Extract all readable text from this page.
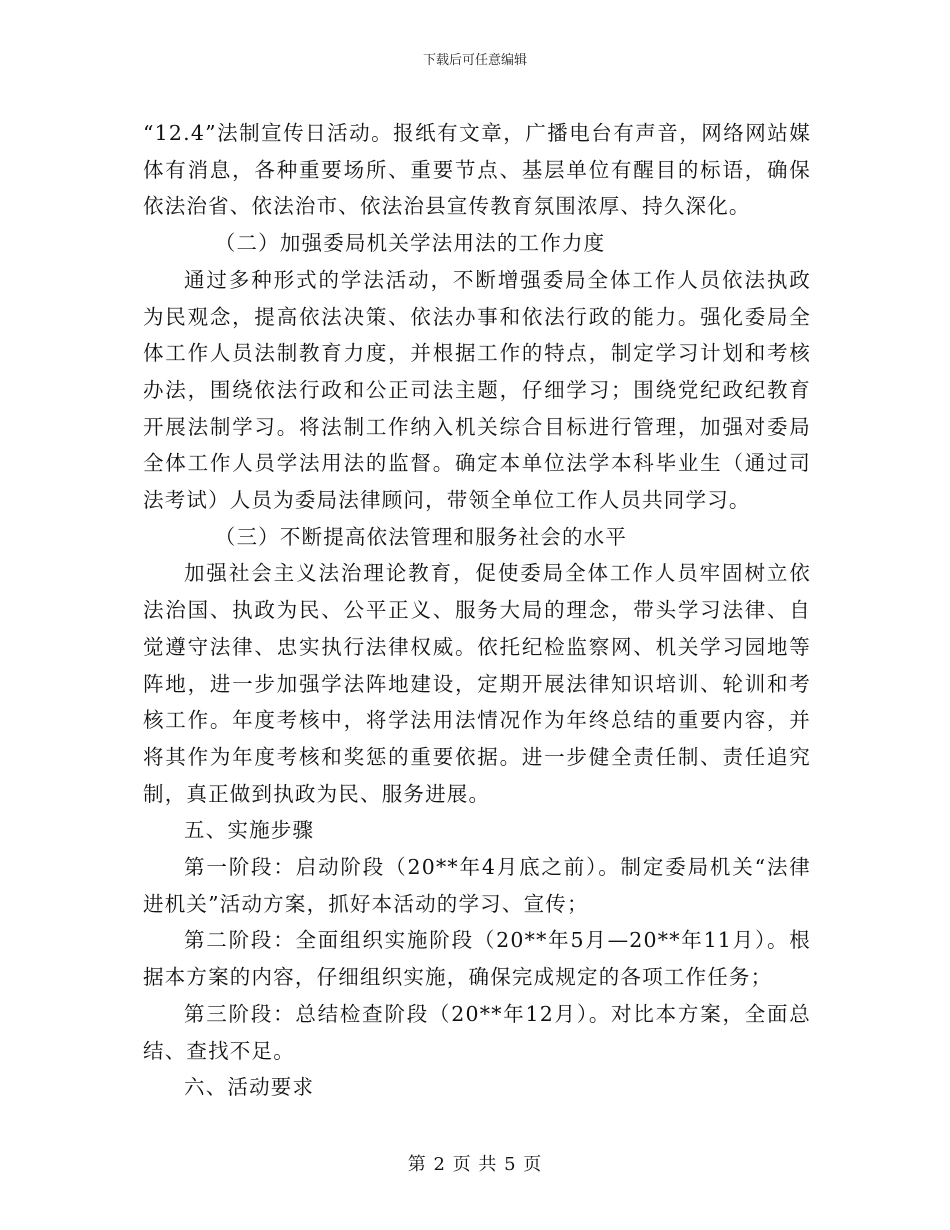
下载后可任意编辑

“12.4”法制宣传日活动。报纸有文章，广播电台有声音，网络网站媒体有消息，各种重要场所、重要节点、基层单位有醒目的标语，确保依法治省、依法治市、依法治县宣传教育氛围浓厚、持久深化。

（二）加强委局机关学法用法的工作力度

通过多种形式的学法活动，不断增强委局全体工作人员依法执政为民观念，提高依法决策、依法办事和依法行政的能力。强化委局全体工作人员法制教育力度，并根据工作的特点，制定学习计划和考核办法，围绕依法行政和公正司法主题，仔细学习；围绕党纪政纪教育开展法制学习。将法制工作纳入机关综合目标进行管理，加强对委局全体工作人员学法用法的监督。确定本单位法学本科毕业生（通过司法考试）人员为委局法律顾问，带领全单位工作人员共同学习。

（三）不断提高依法管理和服务社会的水平

加强社会主义法治理论教育，促使委局全体工作人员牢固树立依法治国、执政为民、公平正义、服务大局的理念，带头学习法律、自觉遵守法律、忠实执行法律权威。依托纪检监察网、机关学习园地等阵地，进一步加强学法阵地建设，定期开展法律知识培训、轮训和考核工作。年度考核中，将学法用法情况作为年终总结的重要内容，并将其作为年度考核和奖惩的重要依据。进一步健全责任制、责任追究制，真正做到执政为民、服务进展。

五、实施步骤

第一阶段：启动阶段（20**年4月底之前）。制定委局机关“法律进机关”活动方案，抓好本活动的学习、宣传；

第二阶段：全面组织实施阶段（20**年5月—20**年11月）。根据本方案的内容，仔细组织实施，确保完成规定的各项工作任务；

第三阶段：总结检查阶段（20**年12月）。对比本方案，全面总结、查找不足。

六、活动要求

第 2 页 共 5 页
